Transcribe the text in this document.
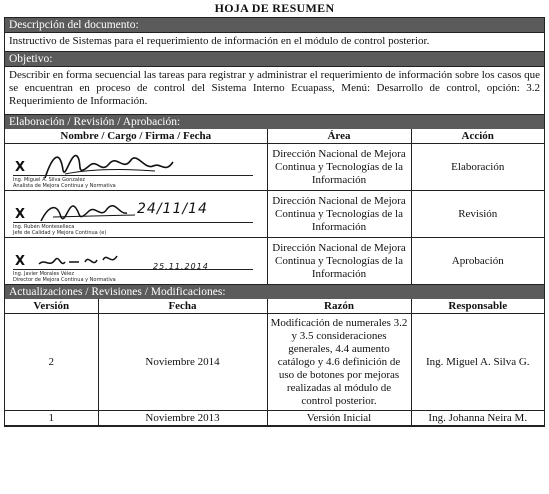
HOJA DE RESUMEN
Descripción del documento:
Instructivo de Sistemas para el requerimiento de información en el módulo de control posterior.
Objetivo:
Describir en forma secuencial las tareas para registrar y administrar el requerimiento de información sobre los casos que se encuentran en proceso de control del Sistema Interno Ecuapass, Menú: Desarrollo de control, opción: 3.2 Requerimiento de Información.
Elaboración / Revisión / Aprobación:
Nombre / Cargo / Firma / Fecha	Área	Acción

X
Ing. Miguel A. Silva Gonzalez
Analista de Mejora Continua y Normativa	Dirección Nacional de Mejora Continua y Tecnologías de la Información	Elaboración

24/11/14
X
Ing. Rubén Monteselleca
Jefe de Calidad y Mejora Continua (e)	Dirección Nacional de Mejora Continua y Tecnologías de la Información	Revisión

25.11.2014
X
Ing. Javier Morales Vélez
Director de Mejora Continua y Normativa	Dirección Nacional de Mejora Continua y Tecnologías de la Información	Aprobación
Actualizaciones / Revisiones / Modificaciones:
Versión	Fecha	Razón	Responsable
2	Noviembre 2014	Modificación de numerales 3.2 y 3.5 consideraciones generales, 4.4 aumento catálogo y 4.6 definición de uso de botones por mejoras realizadas al módulo de control posterior.	Ing. Miguel A. Silva G.
1	Noviembre 2013	Versión Inicial	Ing. Johanna Neira M.
